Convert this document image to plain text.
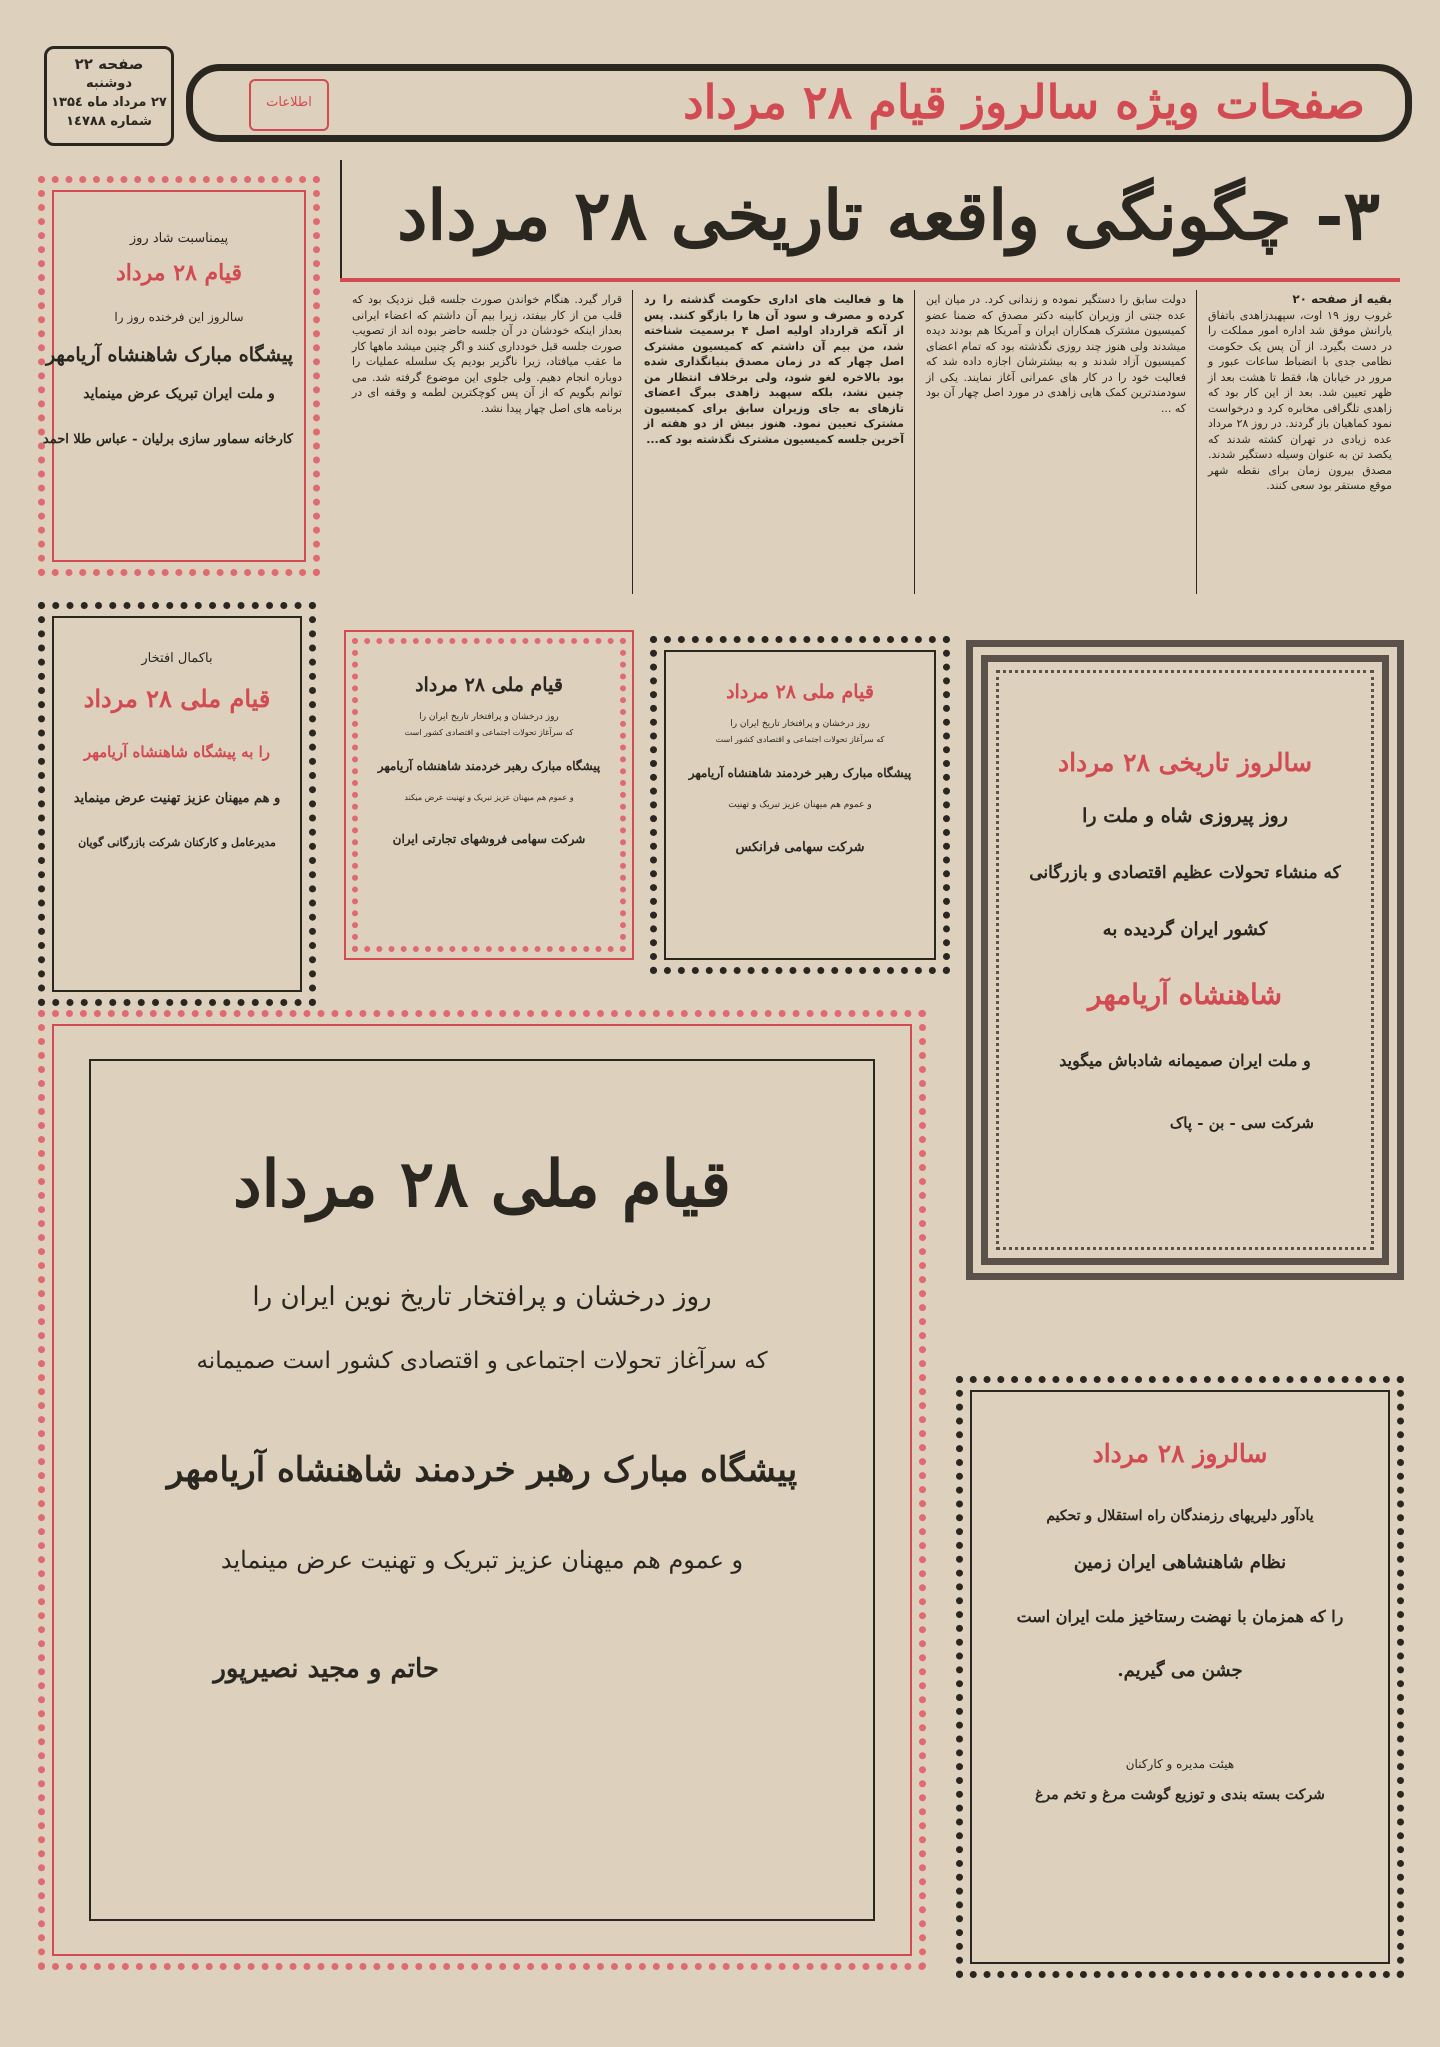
صفحه ۲۲
دوشنبه
۲۷ مرداد ماه ۱۳۵٤
شماره ۱٤۷۸۸	صفحات ویژه سالروز قیام ۲۸ مرداد
اطلاعات
۳- چگونگی واقعه تاریخی ۲۸ مرداد
بقیه از صفحه ۲۰
غروب روز ۱۹ اوت، سپهبدزاهدی باتفاق یارانش موفق شد اداره امور مملکت را در دست بگیرد. از آن پس یک حکومت نظامی جدی با انضباط ساعات عبور و مرور در خیابان ها، فقط تا هشت بعد از ظهر تعیین شد. بعد از این کار بود که زاهدی تلگرافی مخابره کرد و درخواست نمود کماهیان باز گردند. در روز ۲۸ مرداد عده زیادی در تهران کشته شدند که یکصد تن به عنوان وسیله دستگیر شدند. مصدق بیرون زمان برای نقطه شهر موقع مستقر بود سعی کنند.
دولت سابق را دستگیر نموده و زندانی کرد. در میان این عده جنتی از وزیران کابینه دکتر مصدق که ضمنا عضو کمیسیون مشترک همکاران ایران و آمریکا هم بودند دیده میشدند ولی هنوز چند روزی نگذشته بود که تمام اعضای کمیسیون آزاد شدند و به بیشترشان اجازه داده شد که فعالیت خود را در کار های عمرانی آغاز نمایند. یکی از سودمندترین کمک هایی زاهدی در مورد اصل چهار آن بود که ...
ها و فعالیت های اداری حکومت گذشته را رد کرده و مصرف و سود آن ها را بازگو کنند. پس از آنکه قرارداد اولیه اصل ۴ برسمیت شناخته شد، من بیم آن داشتم که کمیسیون مشترک اصل چهار که در زمان مصدق بنیانگذاری شده بود بالاخره لغو شود، ولی برخلاف انتظار من چنین نشد، بلکه سپهبد زاهدی ببرگ اعضای تازهای به جای وزیران سابق برای کمیسیون مشترک تعیین نمود. هنوز بیش از دو هفته از آخرین جلسه کمیسیون مشترک نگذشته بود که...
قرار گیرد. هنگام خواندن صورت جلسه قبل نزدیک بود که قلب من از کار بیفتد، زیرا بیم آن داشتم که اعضاء ایرانی بعداز اینکه خودشان در آن جلسه حاضر بوده اند از تصویب صورت جلسه قبل خودداری کنند و اگر چنین میشد ماهها کار ما عقب میافتاد، زیرا ناگزیر بودیم یک سلسله عملیات را دوباره انجام دهیم. ولی جلوی این موضوع گرفته شد. می توانم بگویم که از آن پس کوچکترین لطمه و وقفه ای در برنامه های اصل چهار پیدا نشد.
پیمناسبت شاد روز
قیام ۲۸ مرداد
سالروز این فرخنده روز را
پیشگاه مبارک شاهنشاه آریامهر
و ملت ایران تبریک عرض مینماید
کارخانه سماور سازی برلیان - عباس طلا احمد
باکمال افتخار
قیام ملی ۲۸ مرداد
را به پیشگاه شاهنشاه آریامهر
و هم میهنان عزیز تهنیت عرض مینماید
مدیرعامل و کارکنان شرکت بازرگانی گویان
قیام ملی ۲۸ مرداد
روز درخشان و پرافتخار تاریخ ایران را
که سرآغاز تحولات اجتماعی و اقتصادی کشور است
پیشگاه مبارک رهبر خردمند شاهنشاه آریامهر
و عموم هم میهنان عزیز تبریک و تهنیت عرض میکند
شرکت سهامی فروشهای تجارتی ایران
قیام ملی ۲۸ مرداد
روز درخشان و پرافتخار تاریخ ایران را
که سرآغاز تحولات اجتماعی و اقتصادی کشور است
پیشگاه مبارک رهبر خردمند شاهنشاه آریامهر
و عموم هم میهنان عزیز تبریک و تهنیت
شرکت سهامی فرانکس
سالروز تاریخی ۲۸ مرداد
روز پیروزی شاه و ملت را
که منشاء تحولات عظیم اقتصادی و بازرگانی
کشور ایران گردیده به
شاهنشاه آریامهر
و ملت ایران صمیمانه شادباش میگوید
شرکت سی - بن - پاک
قیام ملی ۲۸ مرداد
روز درخشان و پرافتخار تاریخ نوین ایران را
که سرآغاز تحولات اجتماعی و اقتصادی کشور است صمیمانه
پیشگاه مبارک رهبر خردمند شاهنشاه آریامهر
و عموم هم میهنان عزیز تبریک و تهنیت عرض مینماید
حاتم و مجید نصیرپور
سالروز ۲۸ مرداد
یادآور دلیریهای رزمندگان راه استقلال و تحکیم
نظام شاهنشاهی ایران زمین
را که همزمان با نهضت رستاخیز ملت ایران است
جشن می گیریم.
هیئت مدیره و کارکنان
شرکت بسته بندی و توزیع گوشت مرغ و تخم مرغ
